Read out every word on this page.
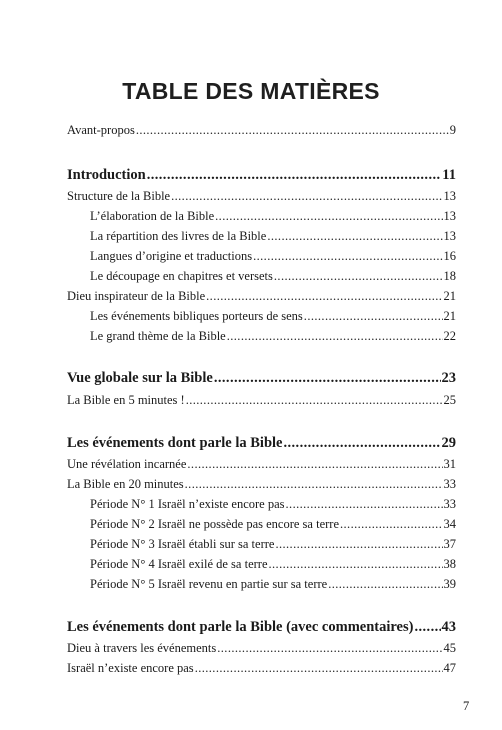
TABLE DES MATIÈRES
Avant-propos .....	9
Introduction .....	11
Structure de la Bible .....	13
L’élaboration de la Bible .....	13
La répartition des livres de la Bible .....	13
Langues d’origine et traductions .....	16
Le découpage en chapitres et versets .....	18
Dieu inspirateur de la Bible .....	21
Les événements bibliques porteurs de sens .....	21
Le grand thème de la Bible .....	22
Vue globale sur la Bible .....	23
La Bible en 5 minutes ! .....	25
Les événements dont parle la Bible .....	29
Une révélation incarnée .....	31
La Bible en 20 minutes .....	33
Période N° 1 Israël n’existe encore pas .....	33
Période N° 2 Israël ne possède pas encore sa terre .....	34
Période N° 3 Israël établi sur sa terre .....	37
Période N° 4 Israël exilé de sa terre .....	38
Période N° 5 Israël revenu en partie sur sa terre .....	39
Les événements dont parle la Bible (avec commentaires) ..... 43
Dieu à travers les événements .....	45
Israël n’existe encore pas .....	47
7
